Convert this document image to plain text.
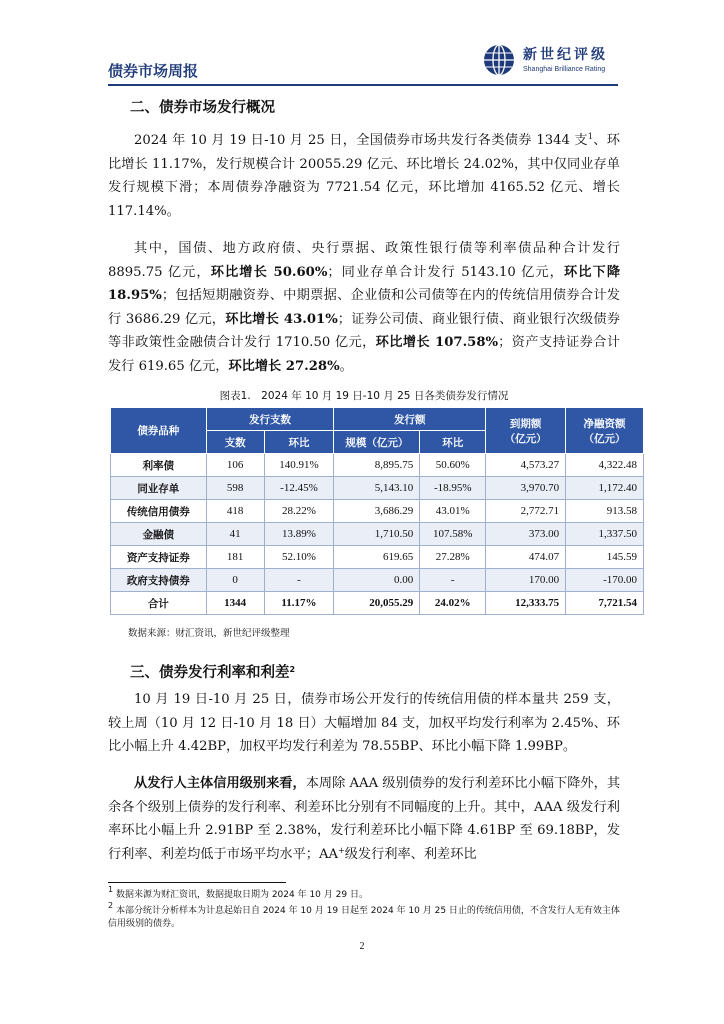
债券市场周报
新世纪评级
Shanghai Brilliance Rating
二、债券市场发行概况

2024 年 10 月 19 日-10 月 25 日，全国债券市场共发行各类债券 1344 支$^1$、环比增长 11.17%，发行规模合计 20055.29 亿元、环比增长 24.02%，其中仅同业存单发行规模下滑；本周债券净融资为 7721.54 亿元，环比增加 4165.52 亿元、增长 117.14%。

其中，国债、地方政府债、央行票据、政策性银行债等利率债品种合计发行 8895.75 亿元，环比增长 50.60%；同业存单合计发行 5143.10 亿元，环比下降 18.95%；包括短期融资券、中期票据、企业债和公司债等在内的传统信用债券合计发行 3686.29 亿元，环比增长 43.01%；证券公司债、商业银行债、商业银行次级债券等非政策性金融债合计发行 1710.50 亿元，环比增长 107.58%；资产支持证券合计发行 619.65 亿元，环比增长 27.28%。

图表1.　2024 年 10 月 19 日-10 月 25 日各类债券发行情况
债券品种	发行支数		发行额		到期额（亿元）	净融资额（亿元）
	支数	环比	规模（亿元）	环比		
利率债	106	140.91%	8,895.75	50.60%	4,573.27	4,322.48
同业存单	598	-12.45%	5,143.10	-18.95%	3,970.70	1,172.40
传统信用债券	418	28.22%	3,686.29	43.01%	2,772.71	913.58
金融债	41	13.89%	1,710.50	107.58%	373.00	1,337.50
资产支持证券	181	52.10%	619.65	27.28%	474.07	145.59
政府支持债券	0	-	0.00	-	170.00	-170.00
合计	1344	11.17%	20,055.29	24.02%	12,333.75	7,721.54
数据来源：财汇资讯，新世纪评级整理
三、债券发行利率和利差$^2$

10 月 19 日-10 月 25 日，债券市场公开发行的传统信用债的样本量共 259 支，较上周（10 月 12 日-10 月 18 日）大幅增加 84 支，加权平均发行利率为 2.45%、环比小幅上升 4.42BP，加权平均发行利差为 78.55BP、环比小幅下降 1.99BP。

从发行人主体信用级别来看，本周除 AAA 级别债券的发行利差环比小幅下降外，其余各个级别上债券的发行利率、利差环比分别有不同幅度的上升。其中，AAA 级发行利率环比小幅上升 2.91BP 至 2.38%，发行利差环比小幅下降 4.61BP 至 69.18BP，发行利率、利差均低于市场平均水平；AA+级发行利率、利差环比

$^1$ 数据来源为财汇资讯，数据提取日期为 2024 年 10 月 29 日。
$^2$ 本部分统计分析样本为计息起始日自 2024 年 10 月 19 日起至 2024 年 10 月 25 日止的传统信用债，不含发行人无有效主体信用级别的债券。
2
